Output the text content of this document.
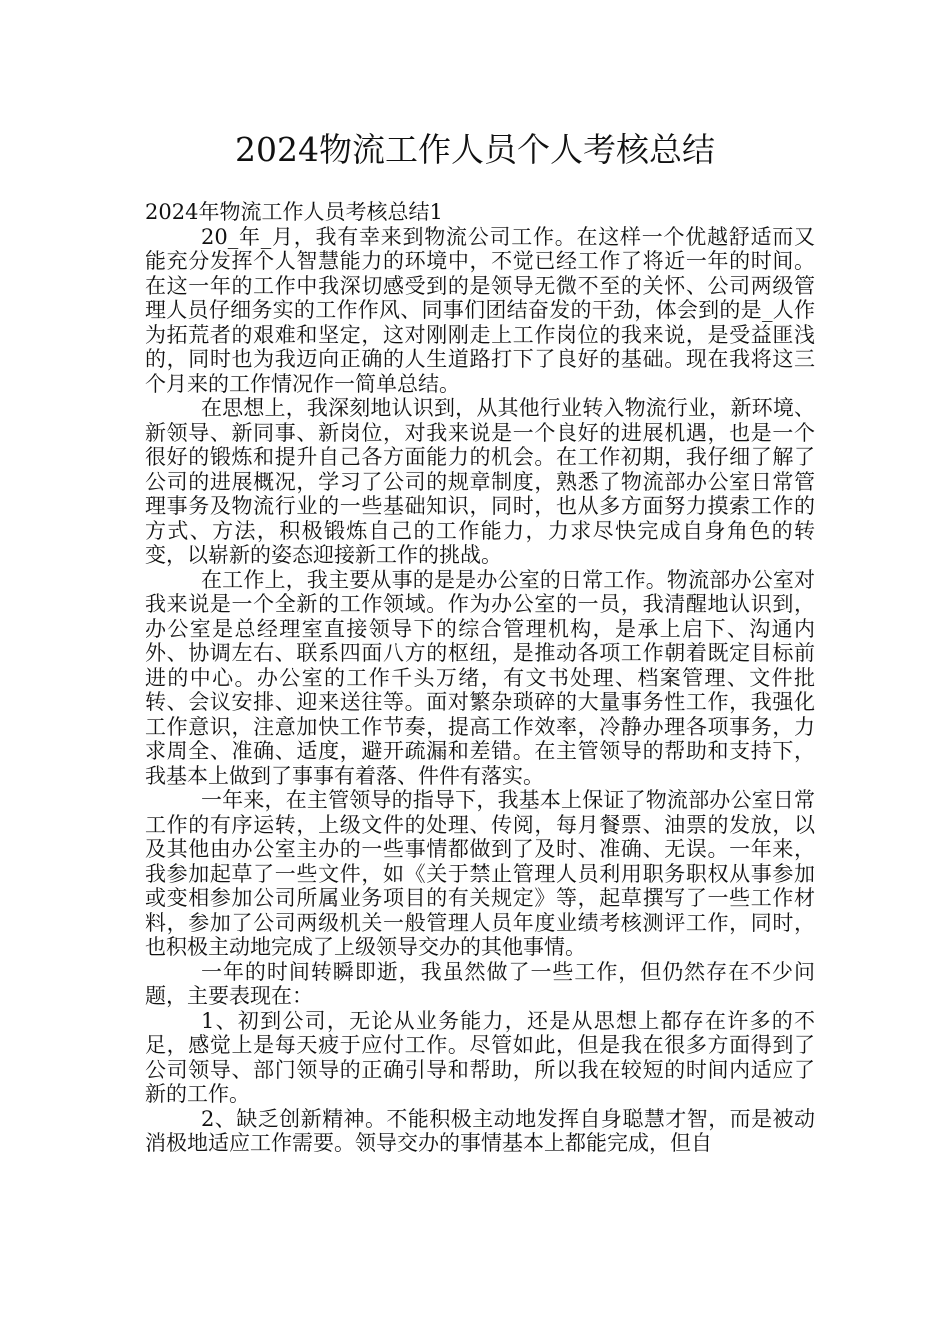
2024物流工作人员个人考核总结

2024年物流工作人员考核总结1

20_年_月，我有幸来到物流公司工作。在这样一个优越舒适而又能充分发挥个人智慧能力的环境中，不觉已经工作了将近一年的时间。在这一年的工作中我深切感受到的是领导无微不至的关怀、公司两级管理人员仔细务实的工作作风、同事们团结奋发的干劲，体会到的是_人作为拓荒者的艰难和坚定，这对刚刚走上工作岗位的我来说，是受益匪浅的，同时也为我迈向正确的人生道路打下了良好的基础。现在我将这三个月来的工作情况作一简单总结。

在思想上，我深刻地认识到，从其他行业转入物流行业，新环境、新领导、新同事、新岗位，对我来说是一个良好的进展机遇，也是一个很好的锻炼和提升自己各方面能力的机会。在工作初期，我仔细了解了公司的进展概况，学习了公司的规章制度，熟悉了物流部办公室日常管理事务及物流行业的一些基础知识，同时，也从多方面努力摸索工作的方式、方法，积极锻炼自己的工作能力，力求尽快完成自身角色的转变，以崭新的姿态迎接新工作的挑战。

在工作上，我主要从事的是是办公室的日常工作。物流部办公室对我来说是一个全新的工作领域。作为办公室的一员，我清醒地认识到，办公室是总经理室直接领导下的综合管理机构，是承上启下、沟通内外、协调左右、联系四面八方的枢纽，是推动各项工作朝着既定目标前进的中心。办公室的工作千头万绪，有文书处理、档案管理、文件批转、会议安排、迎来送往等。面对繁杂琐碎的大量事务性工作，我强化工作意识，注意加快工作节奏，提高工作效率，冷静办理各项事务，力求周全、准确、适度，避开疏漏和差错。在主管领导的帮助和支持下，我基本上做到了事事有着落、件件有落实。

一年来，在主管领导的指导下，我基本上保证了物流部办公室日常工作的有序运转，上级文件的处理、传阅，每月餐票、油票的发放，以及其他由办公室主办的一些事情都做到了及时、准确、无误。一年来，我参加起草了一些文件，如《关于禁止管理人员利用职务职权从事参加或变相参加公司所属业务项目的有关规定》等，起草撰写了一些工作材料，参加了公司两级机关一般管理人员年度业绩考核测评工作，同时，也积极主动地完成了上级领导交办的其他事情。

一年的时间转瞬即逝，我虽然做了一些工作，但仍然存在不少问题，主要表现在：

1、初到公司，无论从业务能力，还是从思想上都存在许多的不足，感觉上是每天疲于应付工作。尽管如此，但是我在很多方面得到了公司领导、部门领导的正确引导和帮助，所以我在较短的时间内适应了新的工作。

2、缺乏创新精神。不能积极主动地发挥自身聪慧才智，而是被动消极地适应工作需要。领导交办的事情基本上都能完成，但自
